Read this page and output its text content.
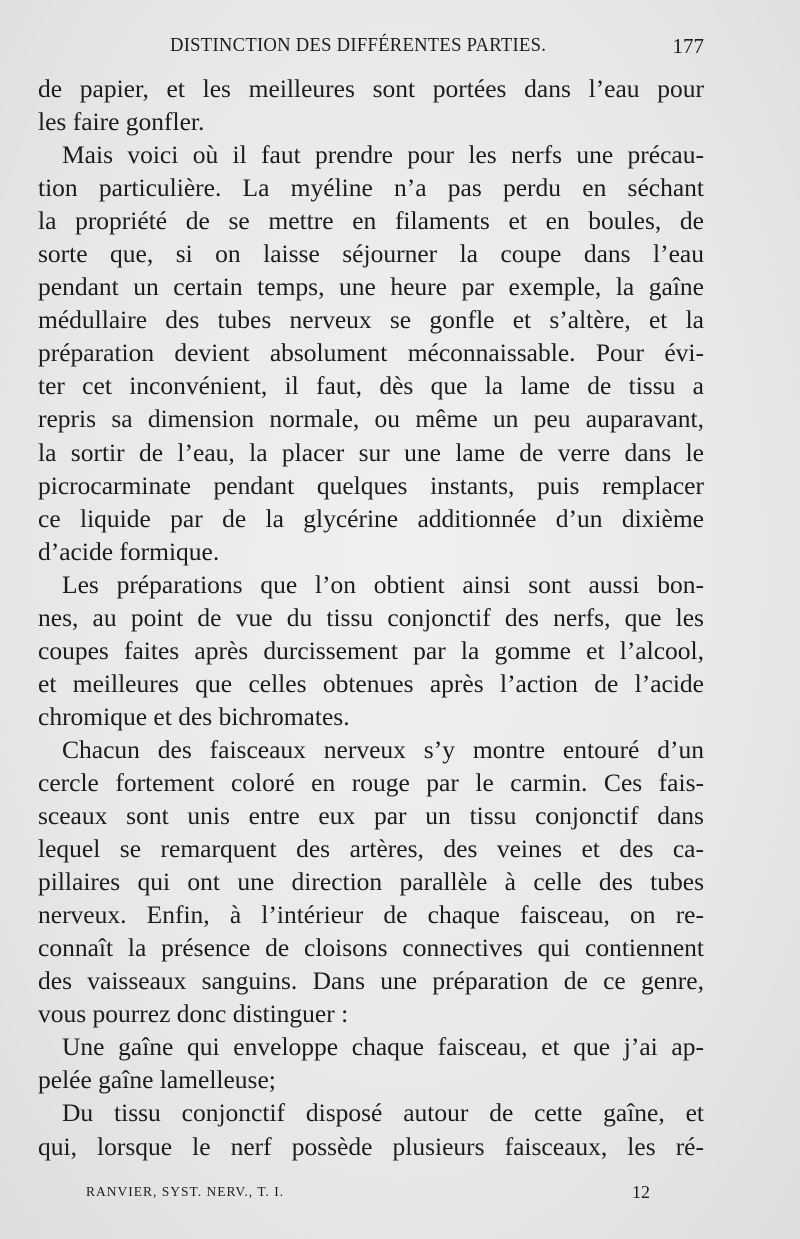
DISTINCTION DES DIFFÉRENTES PARTIES.	177
de papier, et les meilleures sont portées dans l’eau pour
les faire gonfler.
Mais voici où il faut prendre pour les nerfs une précau-
tion particulière. La myéline n’a pas perdu en séchant
la propriété de se mettre en filaments et en boules, de
sorte que, si on laisse séjourner la coupe dans l’eau
pendant un certain temps, une heure par exemple, la gaîne
médullaire des tubes nerveux se gonfle et s’altère, et la
préparation devient absolument méconnaissable. Pour évi-
ter cet inconvénient, il faut, dès que la lame de tissu a
repris sa dimension normale, ou même un peu auparavant,
la sortir de l’eau, la placer sur une lame de verre dans le
picrocarminate pendant quelques instants, puis remplacer
ce liquide par de la glycérine additionnée d’un dixième
d’acide formique.
Les préparations que l’on obtient ainsi sont aussi bon-
nes, au point de vue du tissu conjonctif des nerfs, que les
coupes faites après durcissement par la gomme et l’alcool,
et meilleures que celles obtenues après l’action de l’acide
chromique et des bichromates.
Chacun des faisceaux nerveux s’y montre entouré d’un
cercle fortement coloré en rouge par le carmin. Ces fais-
sceaux sont unis entre eux par un tissu conjonctif dans
lequel se remarquent des artères, des veines et des ca-
pillaires qui ont une direction parallèle à celle des tubes
nerveux. Enfin, à l’intérieur de chaque faisceau, on re-
connaît la présence de cloisons connectives qui contiennent
des vaisseaux sanguins. Dans une préparation de ce genre,
vous pourrez donc distinguer :
Une gaîne qui enveloppe chaque faisceau, et que j’ai ap-
pelée gaîne lamelleuse;
Du tissu conjonctif disposé autour de cette gaîne, et
qui, lorsque le nerf possède plusieurs faisceaux, les ré-
RANVIER, SYST. NERV., T. I.	12
